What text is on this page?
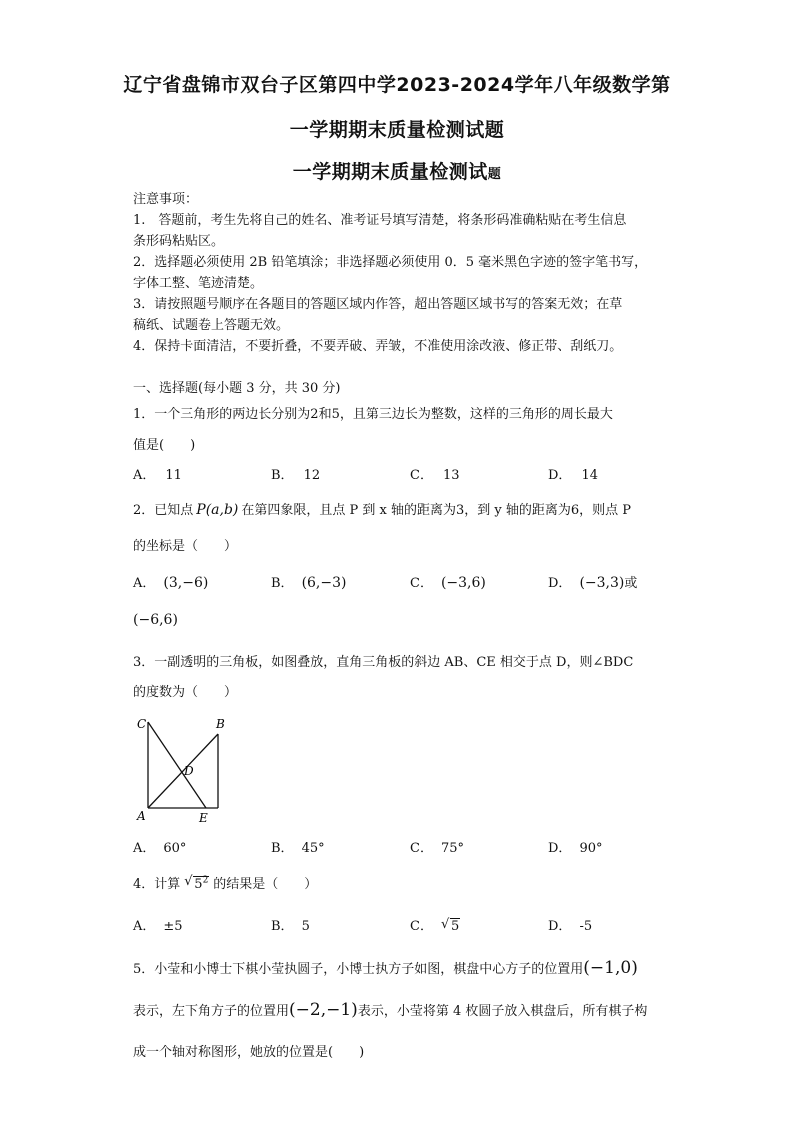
辽宁省盘锦市双台子区第四中学2023-2024学年八年级数学第
一学期期末质量检测试题
一学期期末质量检测试题
注意事项：
1.　答题前，考生先将自己的姓名、准考证号填写清楚，将条形码准确粘贴在考生信息
条形码粘贴区。
2．选择题必须使用 2B 铅笔填涂；非选择题必须使用 0．5 毫米黑色字迹的签字笔书写，
字体工整、笔迹清楚。
3．请按照题号顺序在各题目的答题区域内作答，超出答题区域书写的答案无效；在草
稿纸、试题卷上答题无效。
4．保持卡面清洁，不要折叠，不要弄破、弄皱，不准使用涂改液、修正带、刮纸刀。
一、选择题(每小题 3 分，共 30 分)
1．一个三角形的两边长分别为2和5，且第三边长为整数，这样的三角形的周长最大
值是(　　)
A． 11	B． 12	C． 13	D． 14
2．已知点 P(a,b) 在第四象限，且点 P 到 x 轴的距离为3，到 y 轴的距离为6，则点 P
的坐标是（　　）
A． (3,−6)	B． (6,−3)	C． (−3,6)	D． (−3,3)或
(−6,6)
3．一副透明的三角板，如图叠放，直角三角板的斜边 AB、CE 相交于点 D，则∠BDC
的度数为（　　）
C	B
D
A	E
A． 60°	B． 45°	C． 75°	D． 90°
4．计算 √ $5^2$ 的结果是（　　）
A． ±5	B． 5	C． √ 5	D． -5
5．小莹和小博士下棋小莹执圆子，小博士执方子如图，棋盘中心方子的位置用(−1,0)
表示，左下角方子的位置用(−2,−1)表示，小莹将第 4 枚圆子放入棋盘后，所有棋子构
成一个轴对称图形，她放的位置是(　　)
